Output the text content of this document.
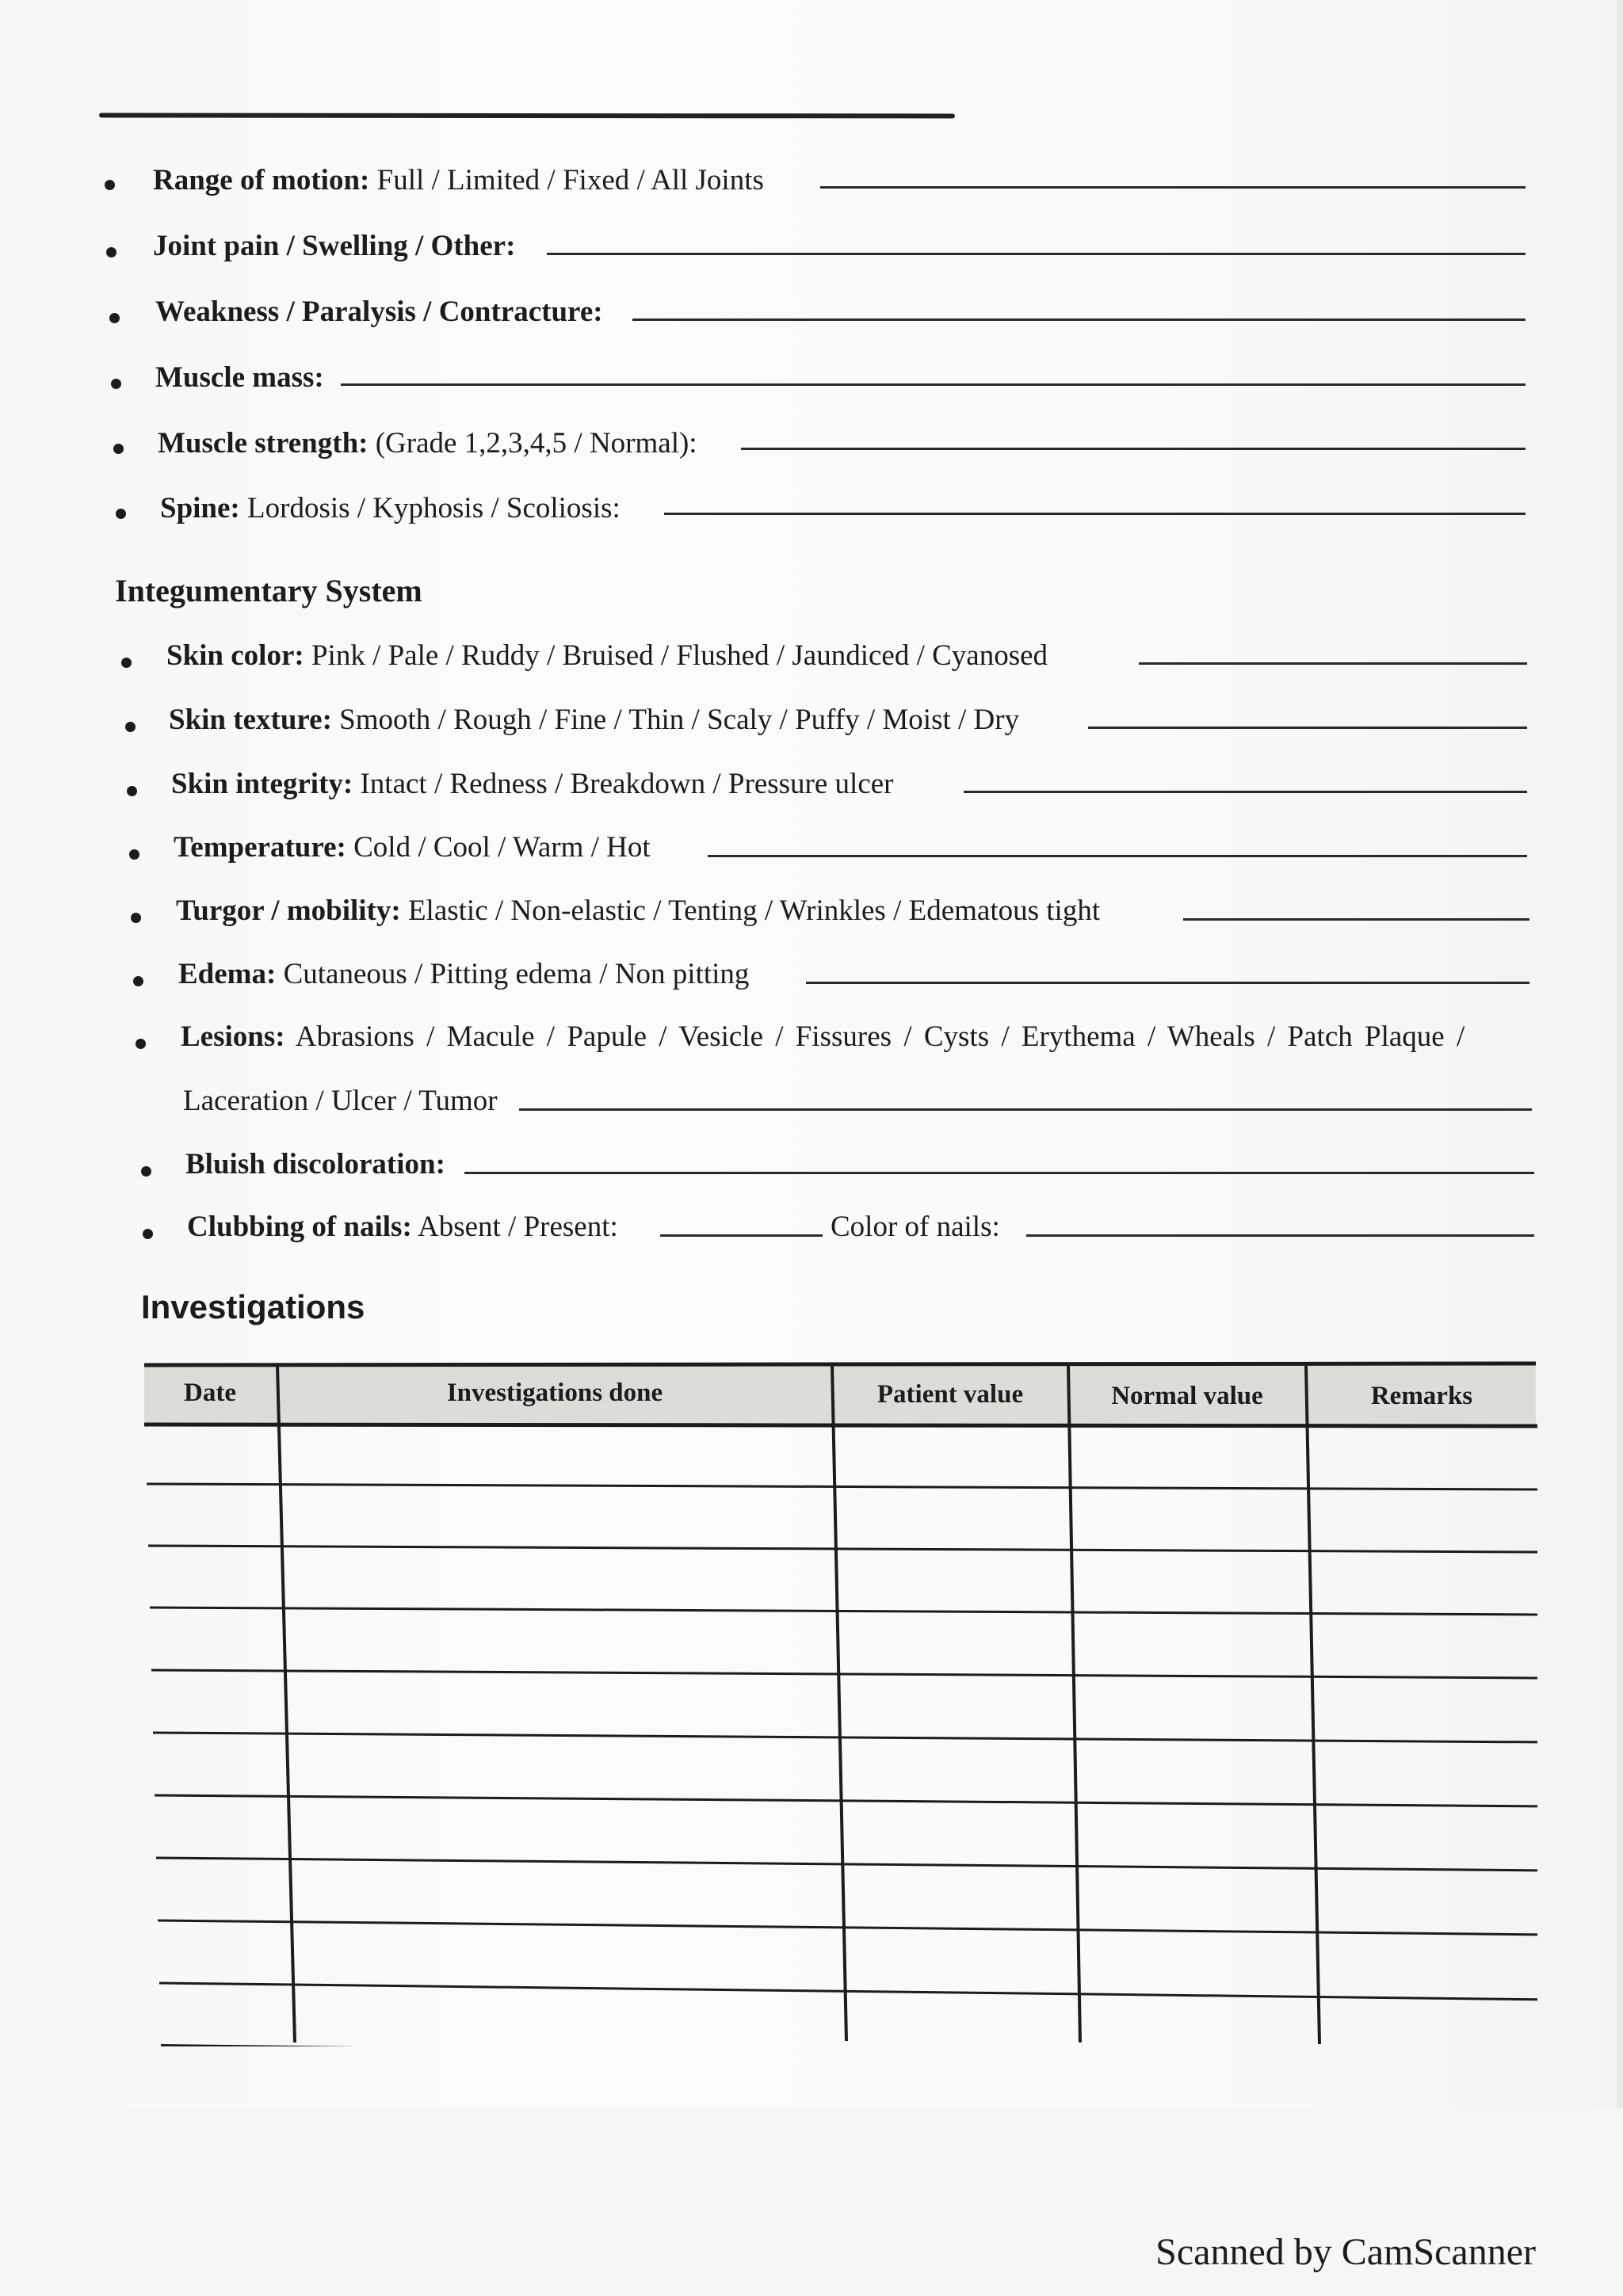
Range of motion: Full / Limited / Fixed / All Joints
Joint pain / Swelling / Other:
Weakness / Paralysis / Contracture:
Muscle mass:
Muscle strength: (Grade 1,2,3,4,5 / Normal):
Spine: Lordosis / Kyphosis / Scoliosis:
Integumentary System
Skin color: Pink / Pale / Ruddy / Bruised / Flushed / Jaundiced / Cyanosed
Skin texture: Smooth / Rough / Fine / Thin / Scaly / Puffy / Moist / Dry
Skin integrity: Intact / Redness / Breakdown / Pressure ulcer
Temperature: Cold / Cool / Warm / Hot
Turgor / mobility: Elastic / Non-elastic / Tenting / Wrinkles / Edematous tight
Edema: Cutaneous / Pitting edema / Non pitting
Lesions: Abrasions / Macule / Papule / Vesicle / Fissures / Cysts / Erythema / Wheals / Patch Plaque /
Laceration / Ulcer / Tumor
Bluish discoloration:
Clubbing of nails: Absent / Present:	Color of nails:
Investigations
Date	Investigations done	Patient value	Normal value	Remarks
Scanned by CamScanner
